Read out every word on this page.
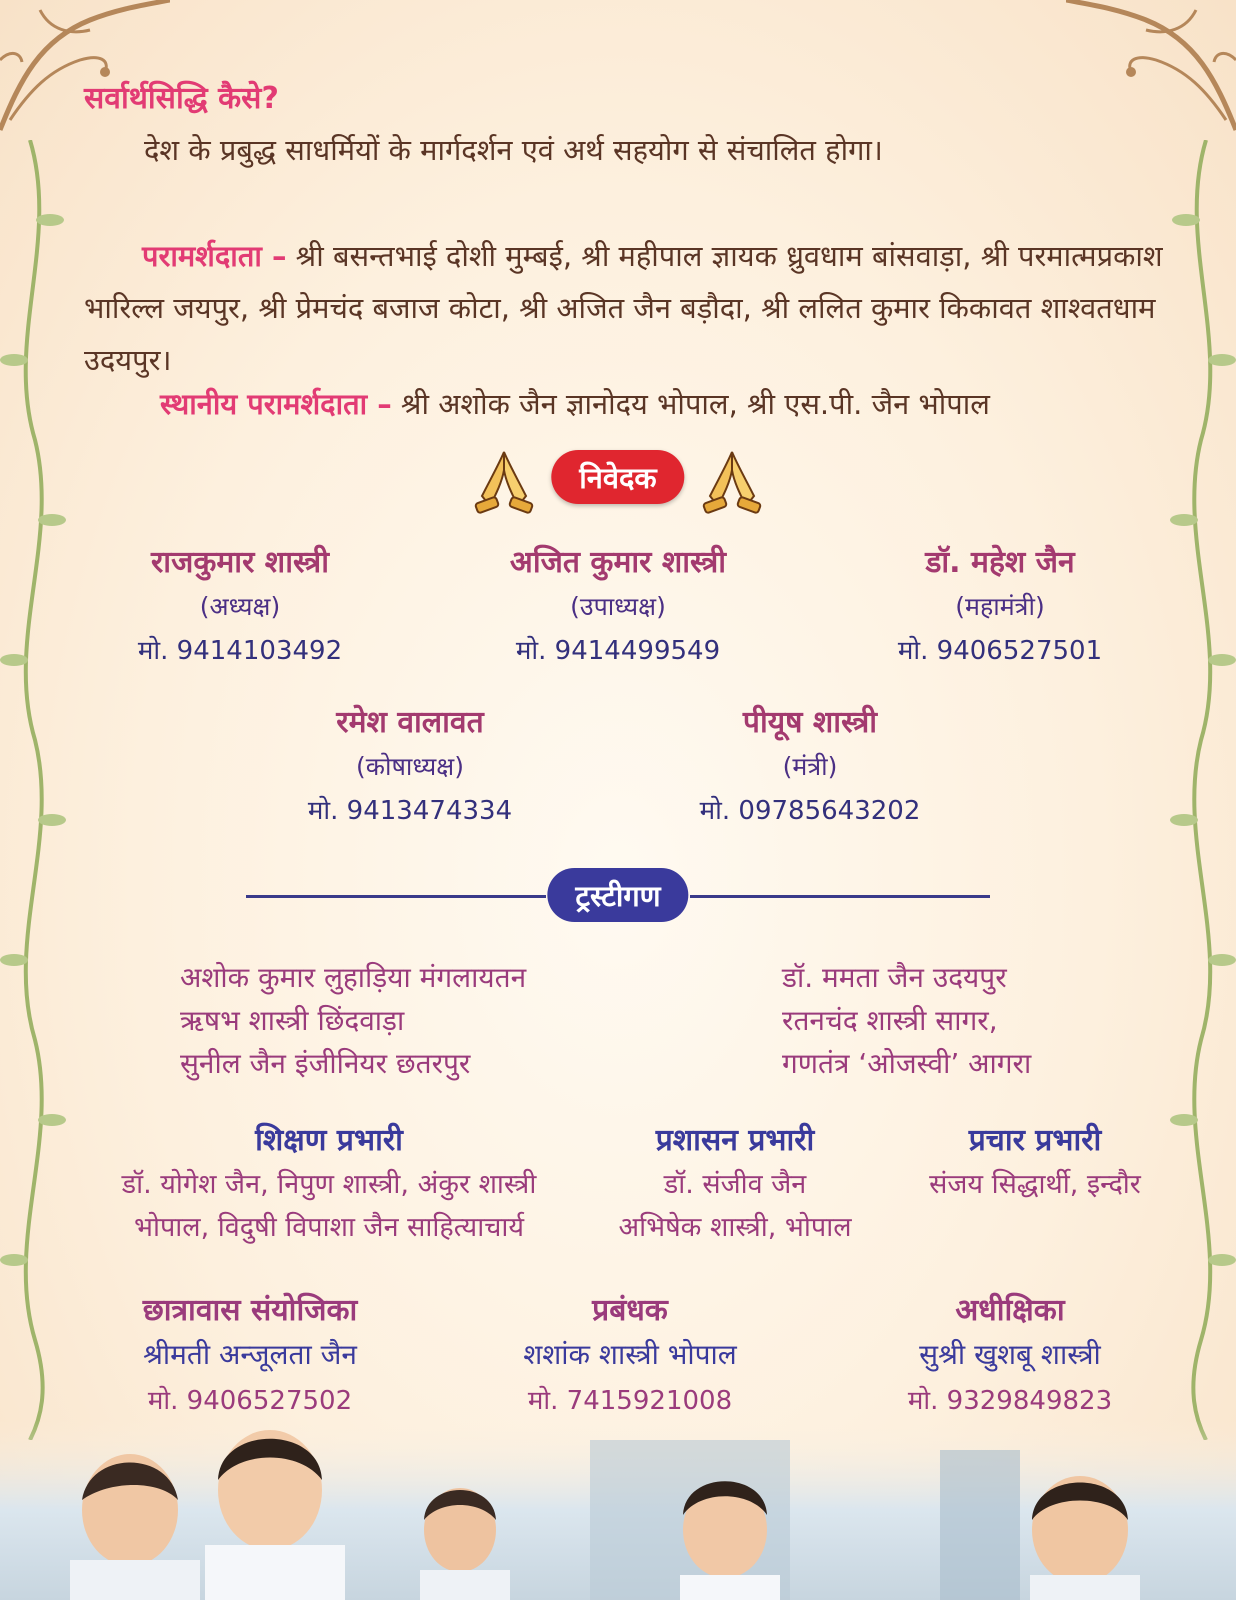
सर्वार्थसिद्धि कैसे?
देश के प्रबुद्ध साधर्मियों के मार्गदर्शन एवं अर्थ सहयोग से संचालित होगा।
परामर्शदाता – श्री बसन्तभाई दोशी मुम्बई, श्री महीपाल ज्ञायक ध्रुवधाम बांसवाड़ा, श्री परमात्मप्रकाश भारिल्ल जयपुर, श्री प्रेमचंद बजाज कोटा, श्री अजित जैन बड़ौदा, श्री ललित कुमार किकावत शाश्वतधाम उदयपुर।
स्थानीय परामर्शदाता – श्री अशोक जैन ज्ञानोदय भोपाल, श्री एस.पी. जैन भोपाल
निवेदक
राजकुमार शास्त्री
(अध्यक्ष)
मो. 9414103492
अजित कुमार शास्त्री
(उपाध्यक्ष)
मो. 9414499549
डॉ. महेश जैन
(महामंत्री)
मो. 9406527501
रमेश वालावत
(कोषाध्यक्ष)
मो. 9413474334
पीयूष शास्त्री
(मंत्री)
मो. 09785643202
ट्रस्टीगण
अशोक कुमार लुहाड़िया मंगलायतन
ऋषभ शास्त्री छिंदवाड़ा
सुनील जैन इंजीनियर छतरपुर
डॉ. ममता जैन उदयपुर
रतनचंद शास्त्री सागर,
गणतंत्र ‘ओजस्वी’ आगरा
शिक्षण प्रभारी
डॉ. योगेश जैन, निपुण शास्त्री, अंकुर शास्त्री
भोपाल, विदुषी विपाशा जैन साहित्याचार्य
प्रशासन प्रभारी
डॉ. संजीव जैन
अभिषेक शास्त्री, भोपाल
प्रचार प्रभारी
संजय सिद्धार्थी, इन्दौर
छात्रावास संयोजिका
श्रीमती अन्जूलता जैन
मो. 9406527502
प्रबंधक
शशांक शास्त्री भोपाल
मो. 7415921008
अधीक्षिका
सुश्री खुशबू शास्त्री
मो. 9329849823
